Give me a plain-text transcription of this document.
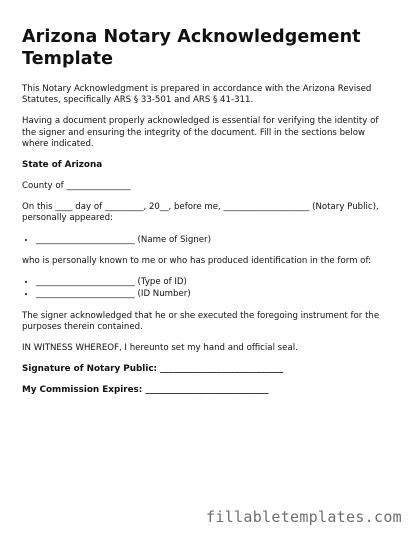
Arizona Notary Acknowledgement Template

This Notary Acknowledgment is prepared in accordance with the Arizona Revised Statutes, specifically ARS § 33-501 and ARS § 41-311.

Having a document properly acknowledged is essential for verifying the identity of the signer and ensuring the integrity of the document. Fill in the sections below where indicated.

State of Arizona

County of _______________

On this ____ day of _________, 20__, before me, ____________________ (Notary Public), personally appeared:

• _______________________ (Name of Signer)

who is personally known to me or who has produced identification in the form of:

• _______________________ (Type of ID)
• _______________________ (ID Number)

The signer acknowledged that he or she executed the foregoing instrument for the purposes therein contained.

IN WITNESS WHEREOF, I hereunto set my hand and official seal.

Signature of Notary Public: ____________________________
My Commission Expires: ____________________________
fillabletemplates.com
